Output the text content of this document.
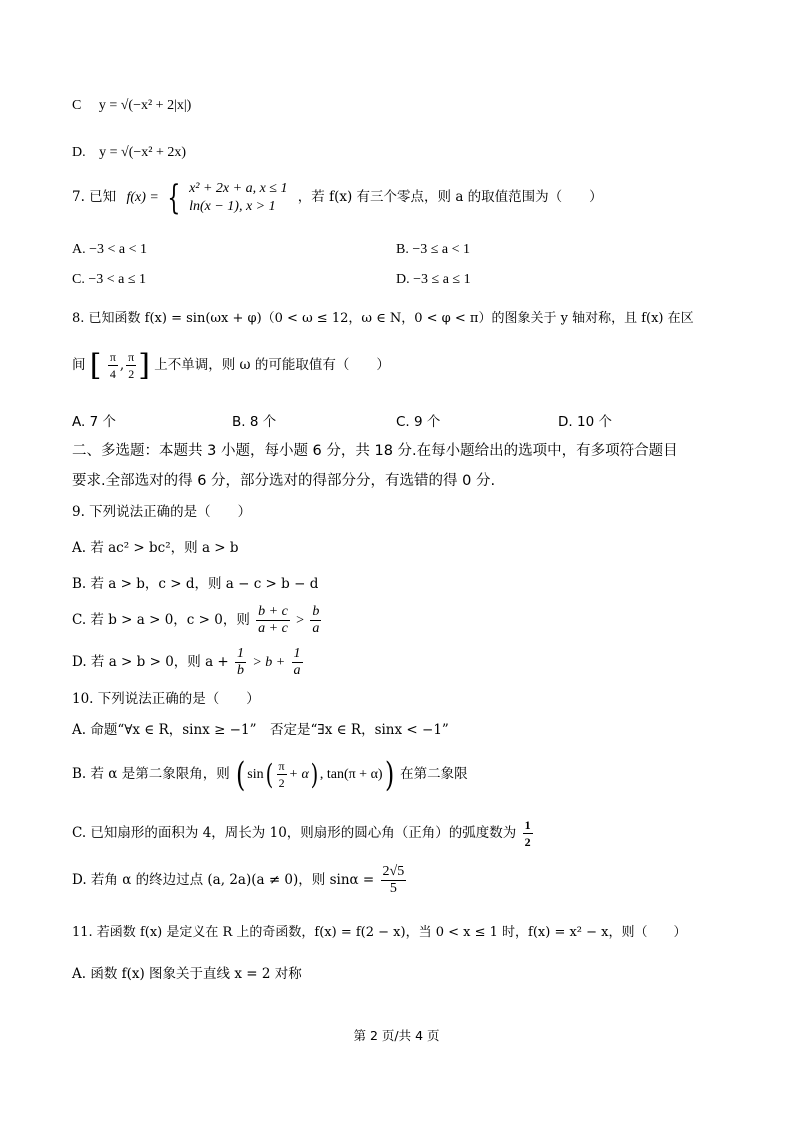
C y = √(−x² + 2|x|)
D. y = √(−x² + 2x)
7. 已知 f(x) = { x² + 2x + a, x ≤ 1
ln(x − 1), x > 1
，若 f(x) 有三个零点，则 a 的取值范围为（　　）
A. −3 < a < 1	B. −3 ≤ a < 1
C. −3 < a ≤ 1	D. −3 ≤ a ≤ 1
8. 已知函数 f(x) = sin(ωx + φ)（0 < ω ≤ 12，ω ∈ N，0 < φ < π）的图象关于 y 轴对称，且 f(x) 在区
间 [ $\frac{\pi}{4}$ , $\frac{\pi}{2}$ ] 上不单调，则 ω 的可能取值有（　　）
A. 7 个	B. 8 个	C. 9 个	D. 10 个
二、多选题：本题共 3 小题，每小题 6 分，共 18 分.在每小题给出的选项中，有多项符合题目
要求.全部选对的得 6 分，部分选对的得部分分，有选错的得 0 分.
9. 下列说法正确的是（　　）
A. 若 ac² > bc²，则 a > b
B. 若 a > b，c > d，则 a − c > b − d
C. 若 b > a > 0，c > 0，则 $\frac{b + c}{a + c} > \frac{b}{a}$
D. 若 a > b > 0，则 $a + \frac{1}{b} > b + \frac{1}{a}$
10. 下列说法正确的是（　　）
A. 命题“∀x ∈ R，sinx ≥ −1”　否定是“∃x ∈ R，sinx < −1”
B. 若 α 是第二象限角，则 ( $\sin( \frac{\pi}{2} + \alpha)$ , tan(π + α)) 在第二象限
C. 已知扇形的面积为 4，周长为 10，则扇形的圆心角（正角）的弧度数为 $\frac{1}{2}$
D. 若角 α 的终边过点 (a, 2a)(a ≠ 0)，则 $\sin\alpha = \frac{2√5}{5}$
11. 若函数 f(x) 是定义在 R 上的奇函数，f(x) = f(2 − x)，当 0 < x ≤ 1 时，f(x) = x² − x，则（　　）
A. 函数 f(x) 图象关于直线 x = 2 对称
第 2 页/共 4 页
